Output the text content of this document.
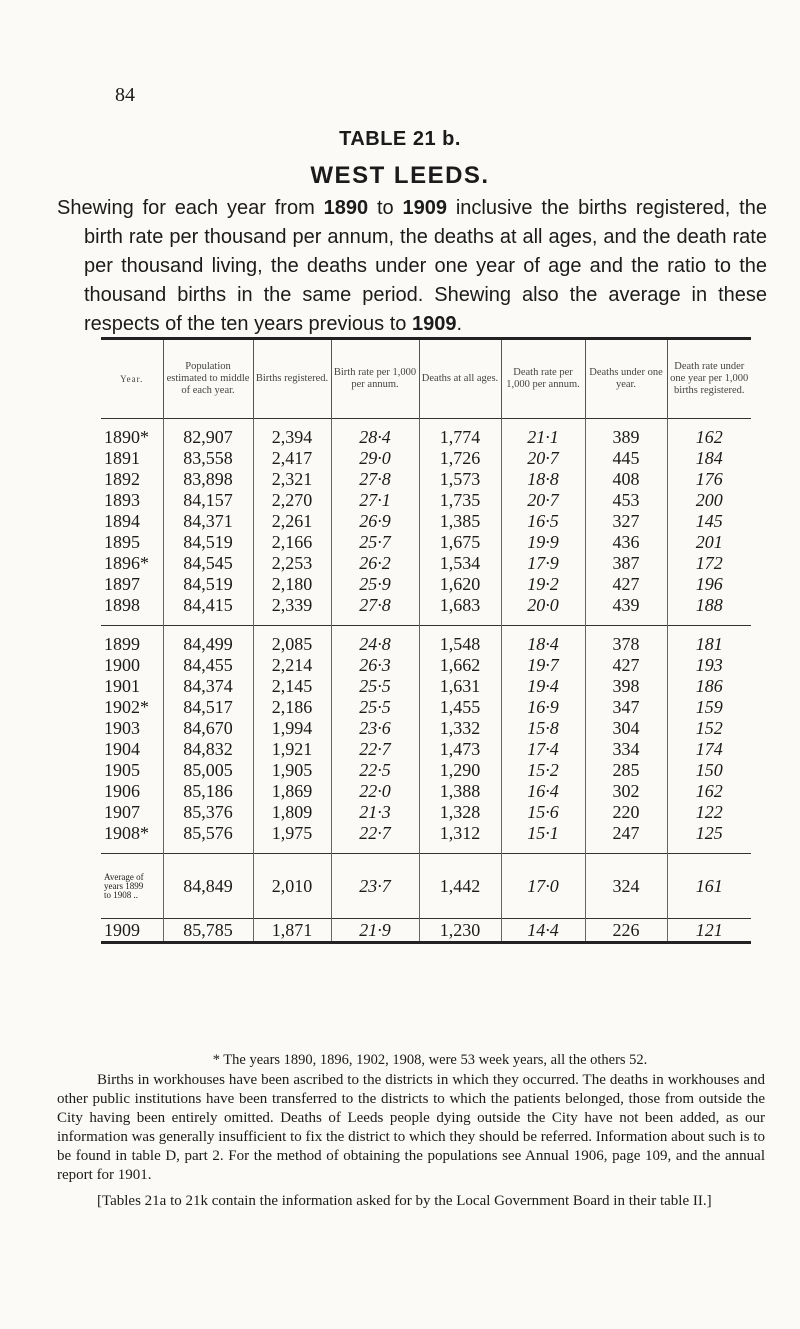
84
TABLE 21 b.
WEST LEEDS.
Shewing for each year from 1890 to 1909 inclusive the births registered, the birth rate per thousand per annum, the deaths at all ages, and the death rate per thousand living, the deaths under one year of age and the ratio to the thousand births in the same period. Shewing also the average in these respects of the ten years previous to 1909.
Year.	Population estimated to middle of each year.	Births registered.	Birth rate per 1,000 per annum.	Deaths at all ages.	Death rate per 1,000 per annum.	Deaths under one year.	Death rate under one year per 1,000 births registered.
1890*	82,907	2,394	28·4	1,774	21·1	389	162
1891	83,558	2,417	29·0	1,726	20·7	445	184
1892	83,898	2,321	27·8	1,573	18·8	408	176
1893	84,157	2,270	27·1	1,735	20·7	453	200
1894	84,371	2,261	26·9	1,385	16·5	327	145
1895	84,519	2,166	25·7	1,675	19·9	436	201
1896*	84,545	2,253	26·2	1,534	17·9	387	172
1897	84,519	2,180	25·9	1,620	19·2	427	196
1898	84,415	2,339	27·8	1,683	20·0	439	188
1899	84,499	2,085	24·8	1,548	18·4	378	181
1900	84,455	2,214	26·3	1,662	19·7	427	193
1901	84,374	2,145	25·5	1,631	19·4	398	186
1902*	84,517	2,186	25·5	1,455	16·9	347	159
1903	84,670	1,994	23·6	1,332	15·8	304	152
1904	84,832	1,921	22·7	1,473	17·4	334	174
1905	85,005	1,905	22·5	1,290	15·2	285	150
1906	85,186	1,869	22·0	1,388	16·4	302	162
1907	85,376	1,809	21·3	1,328	15·6	220	122
1908*	85,576	1,975	22·7	1,312	15·1	247	125
Average of
years 1899
to 1908 ..	84,849	2,010	23·7	1,442	17·0	324	161
1909	85,785	1,871	21·9	1,230	14·4	226	121
* The years 1890, 1896, 1902, 1908, were 53 week years, all the others 52.

Births in workhouses have been ascribed to the districts in which they occurred. The deaths in workhouses and other public institutions have been transferred to the districts to which the patients belonged, those from outside the City having been entirely omitted. Deaths of Leeds people dying outside the City have not been added, as our information was generally insufficient to fix the district to which they should be referred. Information about such is to be found in table D, part 2. For the method of obtaining the populations see Annual 1906, page 109, and the annual report for 1901.

[Tables 21a to 21k contain the information asked for by the Local Government Board in their table II.]
